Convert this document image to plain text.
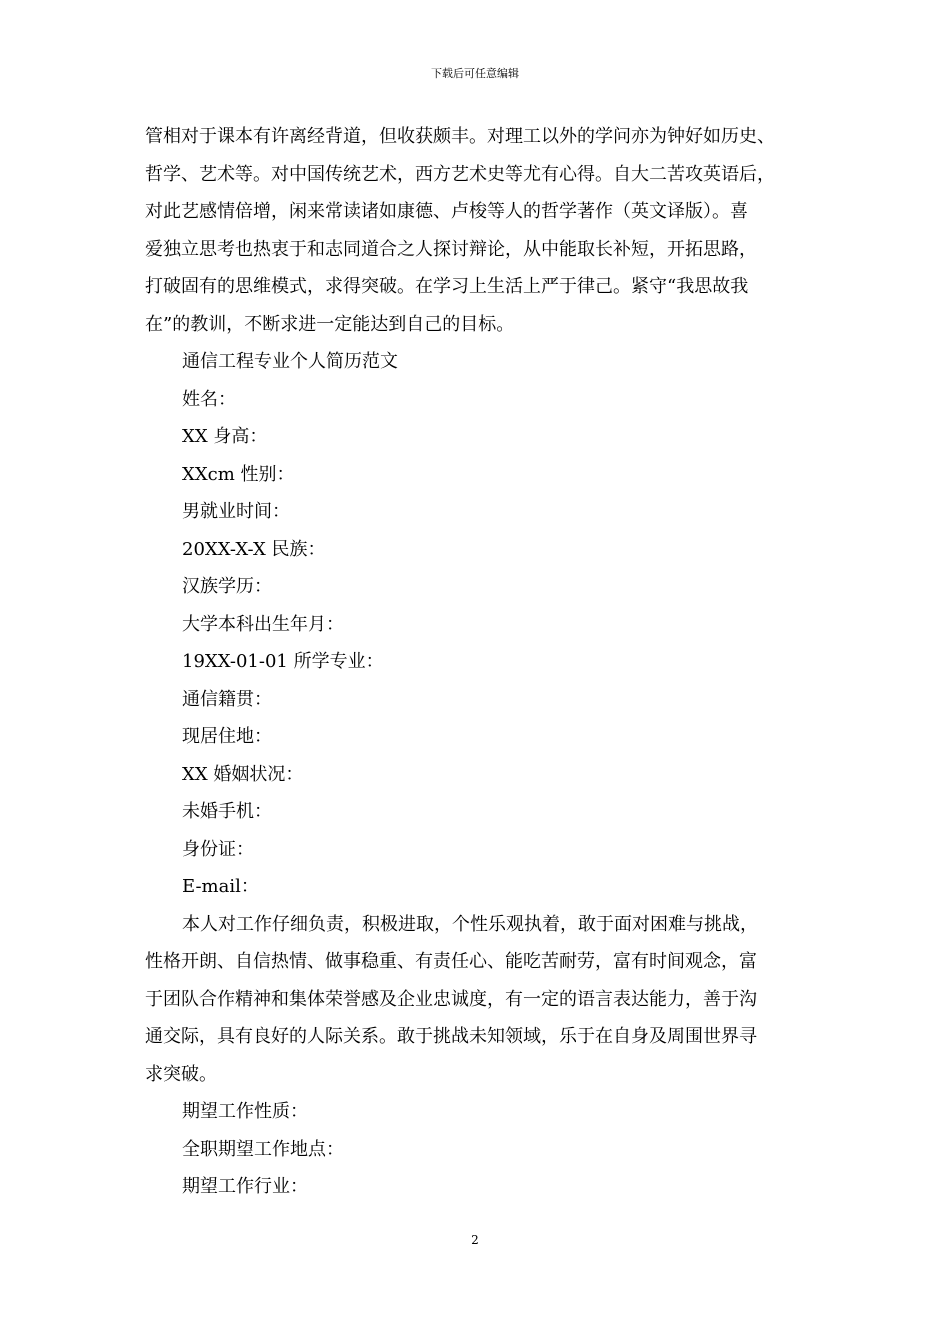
下载后可任意编辑
管相对于课本有许离经背道，但收获颇丰。对理工以外的学问亦为钟好如历史、
哲学、艺术等。对中国传统艺术，西方艺术史等尤有心得。自大二苦攻英语后，
对此艺感情倍增，闲来常读诸如康德、卢梭等人的哲学著作（英文译版）。喜
爱独立思考也热衷于和志同道合之人探讨辩论，从中能取长补短，开拓思路，
打破固有的思维模式，求得突破。在学习上生活上严于律己。紧守“我思故我
在”的教训，不断求进一定能达到自己的目标。
通信工程专业个人简历范文
姓名：
XX 身高：
XXcm 性别：
男就业时间：
20XX-X-X 民族：
汉族学历：
大学本科出生年月：
19XX-01-01 所学专业：
通信籍贯：
现居住地：
XX 婚姻状况：
未婚手机：
身份证：
E-mail：
本人对工作仔细负责，积极进取，个性乐观执着，敢于面对困难与挑战，
性格开朗、自信热情、做事稳重、有责任心、能吃苦耐劳，富有时间观念，富
于团队合作精神和集体荣誉感及企业忠诚度，有一定的语言表达能力，善于沟
通交际，具有良好的人际关系。敢于挑战未知领域，乐于在自身及周围世界寻
求突破。
期望工作性质：
全职期望工作地点：
期望工作行业：
2
